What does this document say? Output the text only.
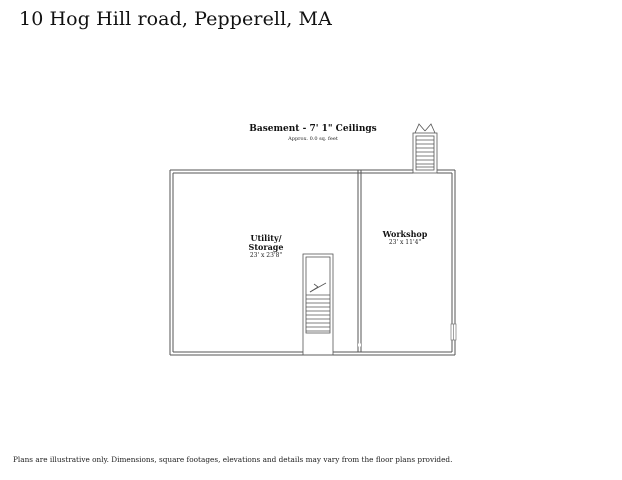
10 Hog Hill road, Pepperell, MA
Basement - 7' 1" Ceilings
Approx. 0.0 sq. feet
Utility/
Storage
23' x 23'8"
Workshop
23' x 11'4"
Plans are illustrative only. Dimensions, square footages, elevations and details may vary from the floor plans provided.
